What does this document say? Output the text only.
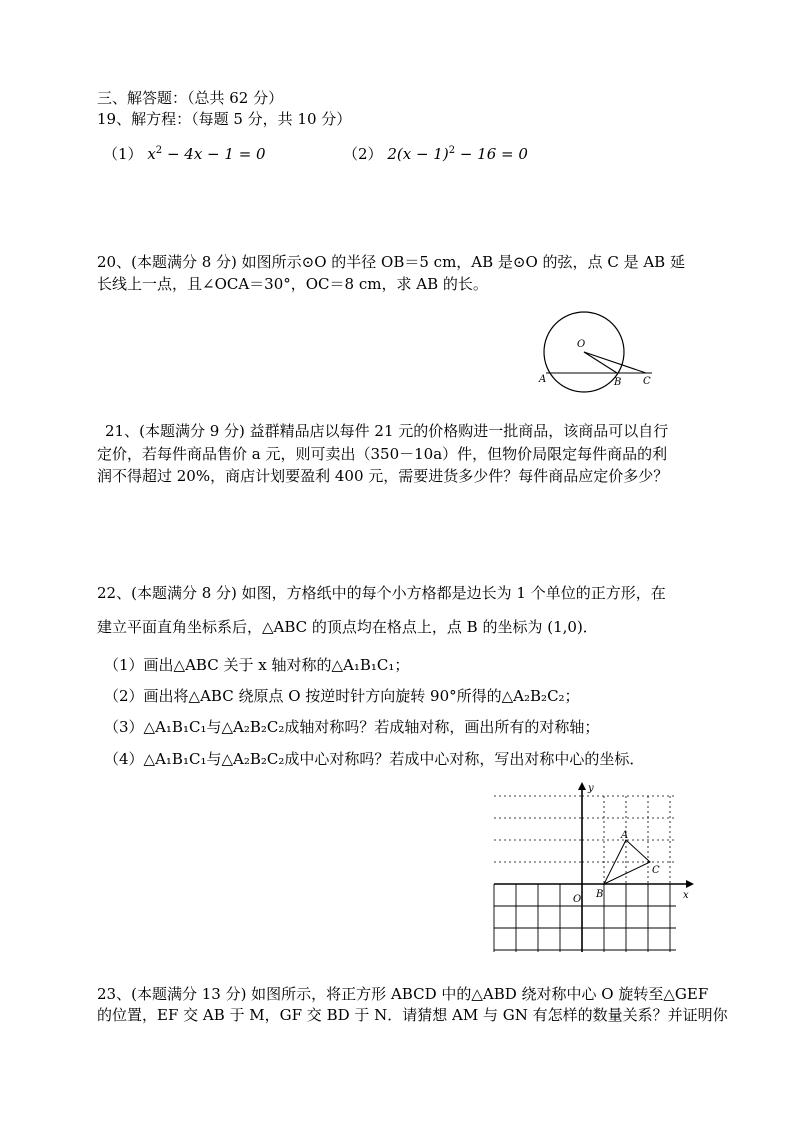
三、解答题：（总共 62 分）
19、解方程：（每题 5 分，共 10 分）
（1） $x^2 - 4x - 1 = 0$	（2） $2(x - 1)^2 - 16 = 0$
20、(本题满分 8 分) 如图所示⊙O 的半径 OB＝5 cm，AB 是⊙O 的弦，点 C 是 AB 延
长线上一点，且∠OCA＝30°，OC＝8 cm，求 AB 的长。
O
A	B C
21、(本题满分 9 分) 益群精品店以每件 21 元的价格购进一批商品，该商品可以自行
定价，若每件商品售价 a 元，则可卖出（350－10a）件，但物价局限定每件商品的利
润不得超过 20%，商店计划要盈利 400 元，需要进货多少件？每件商品应定价多少？
22、(本题满分 8 分) 如图，方格纸中的每个小方格都是边长为 1 个单位的正方形，在
建立平面直角坐标系后，△ABC 的顶点均在格点上，点 B 的坐标为 (1,0)．
（1）画出△ABC 关于 x 轴对称的△A₁B₁C₁；
（2）画出将△ABC 绕原点 O 按逆时针方向旋转 90°所得的△A₂B₂C₂；
（3）△A₁B₁C₁与△A₂B₂C₂成轴对称吗？若成轴对称，画出所有的对称轴；
（4）△A₁B₁C₁与△A₂B₂C₂成中心对称吗？若成中心对称，写出对称中心的坐标．
y
x
O
A
B
C
23、(本题满分 13 分) 如图所示，将正方形 ABCD 中的△ABD 绕对称中心 O 旋转至△GEF
的位置，EF 交 AB 于 M，GF 交 BD 于 N．请猜想 AM 与 GN 有怎样的数量关系？并证明你
